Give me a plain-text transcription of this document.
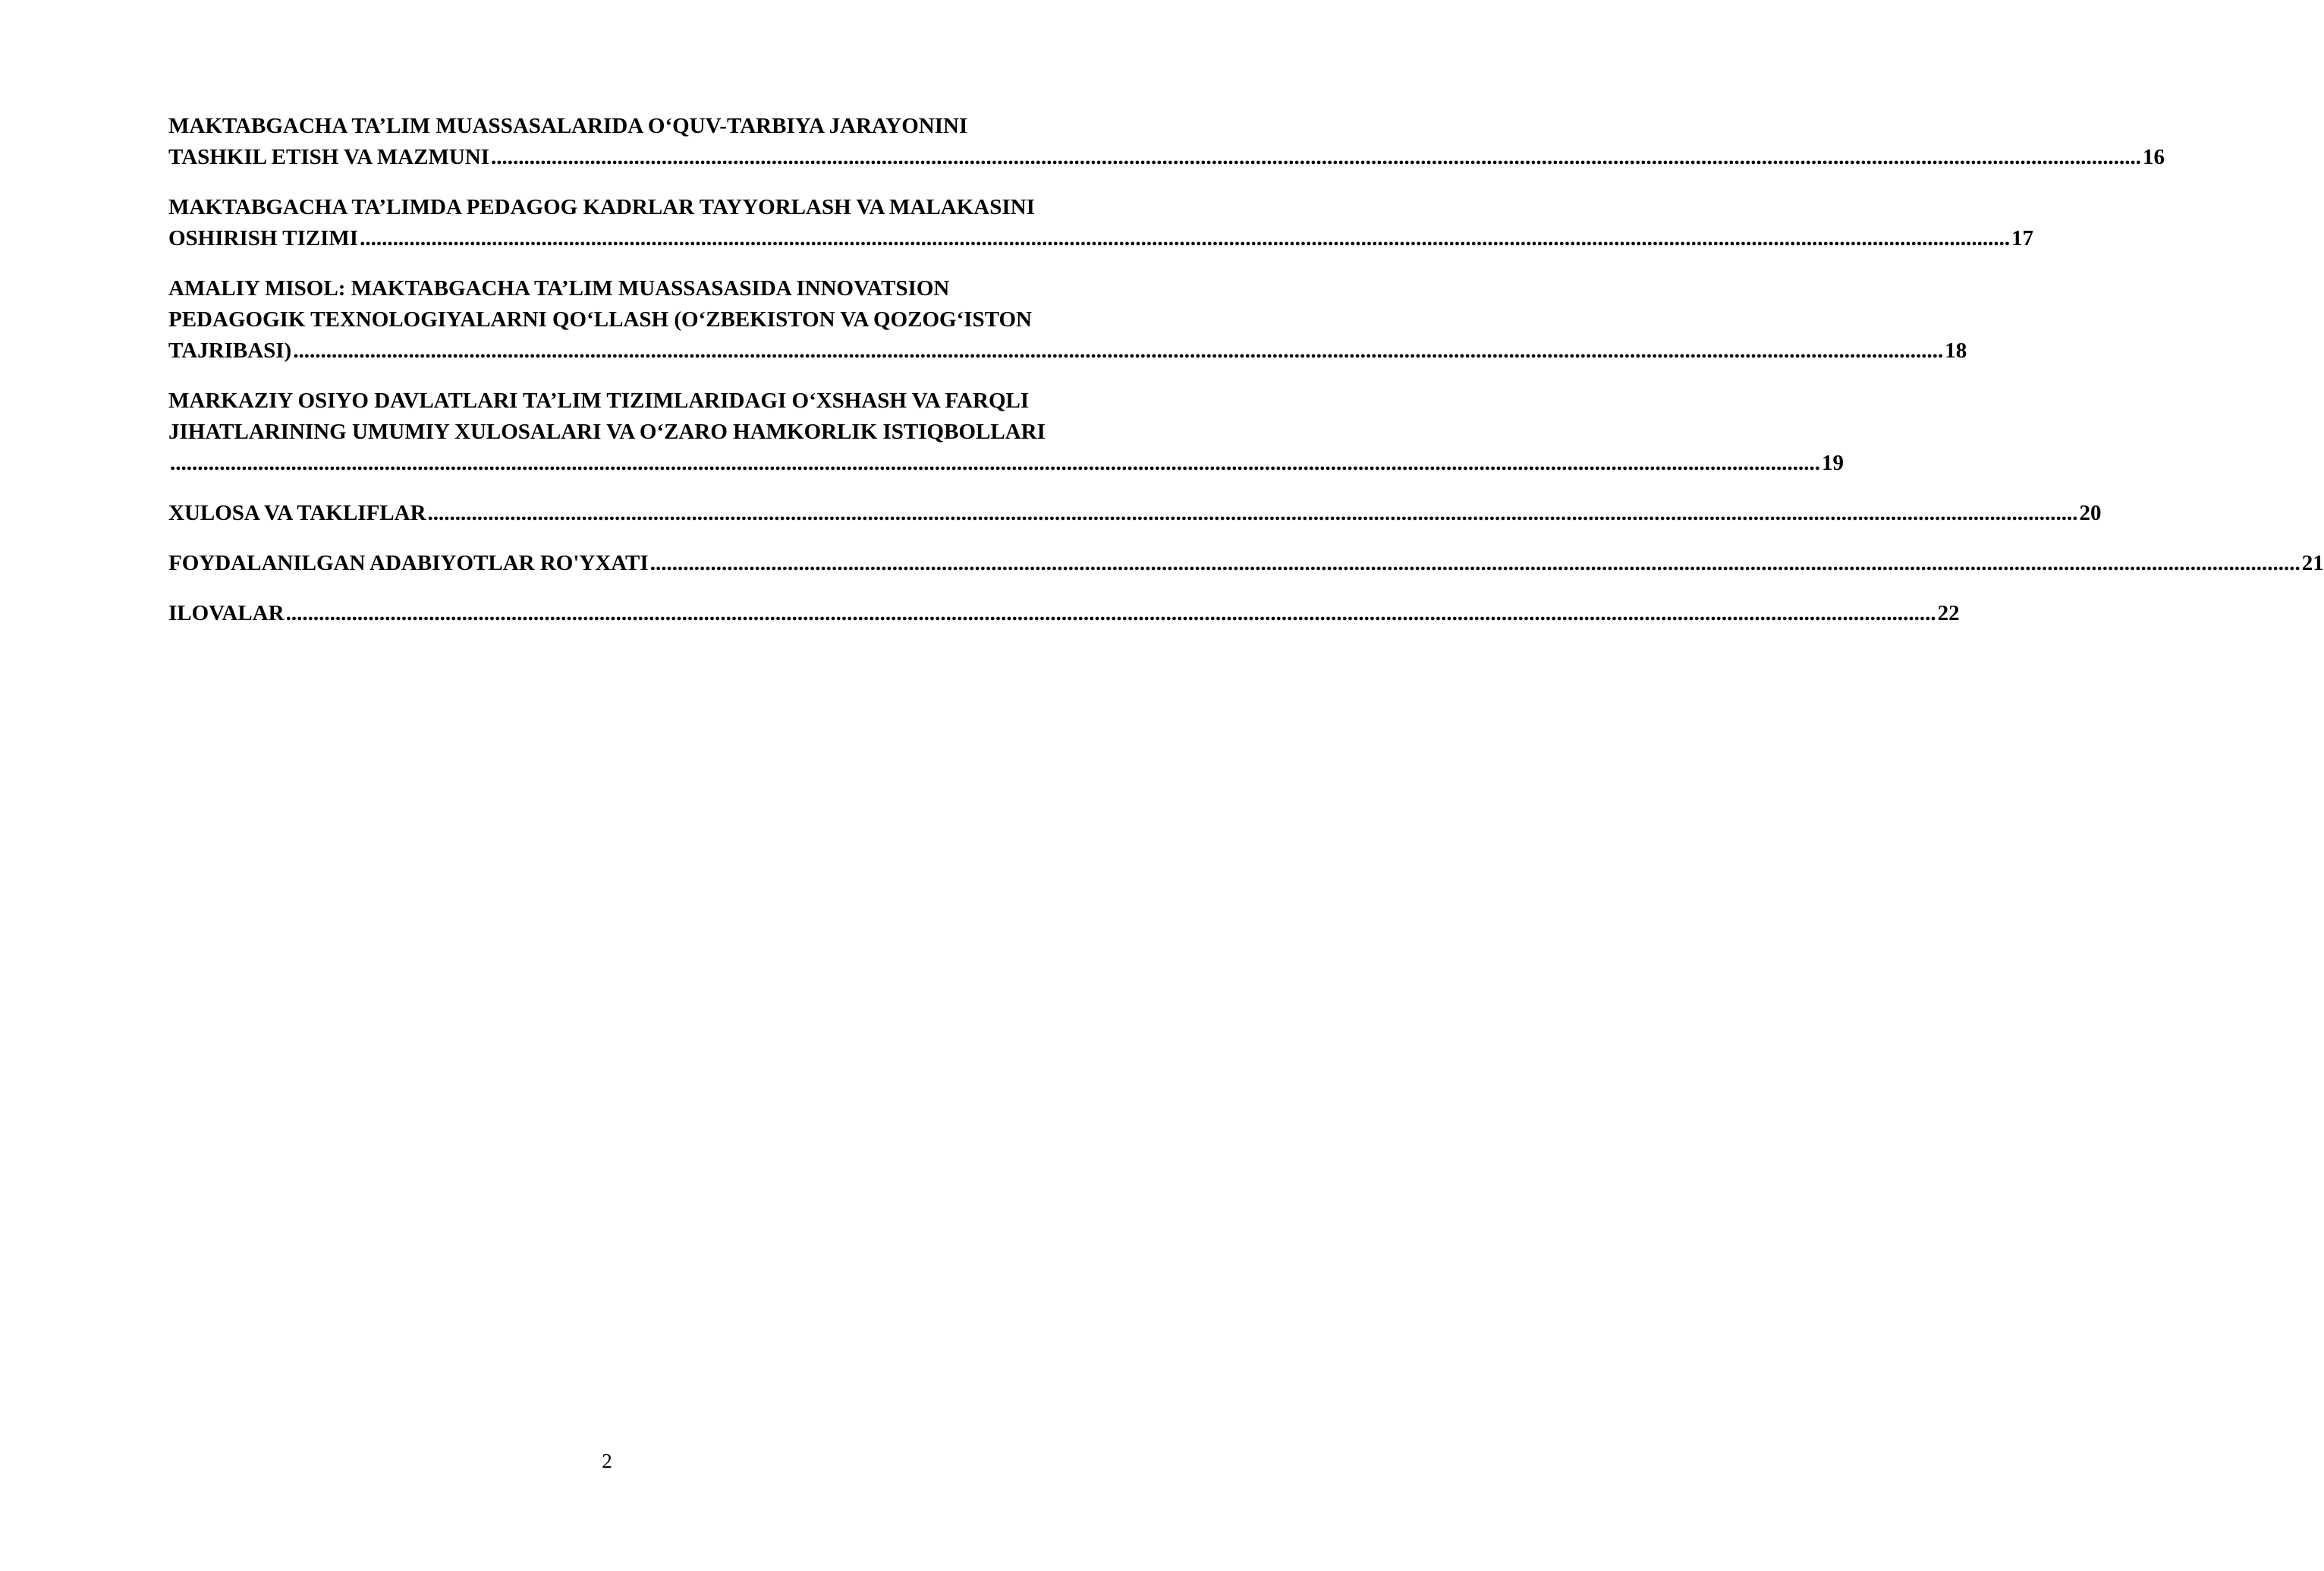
MAKTABGACHA TA’LIM MUASSASALARIDA O‘QUV-TARBIYA JARAYONINI
TASHKIL ETISH VA MAZMUNI ............................................................................................................................................................................................................................................................................................................ 16
MAKTABGACHA TA’LIMDA PEDAGOG KADRLAR TAYYORLASH VA MALAKASINI
OSHIRISH TIZIMI ............................................................................................................................................................................................................................................................................................................ 17
AMALIY MISOL: MAKTABGACHA TA’LIM MUASSASASIDA INNOVATSION
PEDAGOGIK TEXNOLOGIYALARNI QO‘LLASH (O‘ZBEKISTON VA QOZOG‘ISTON
TAJRIBASI) ............................................................................................................................................................................................................................................................................................................ 18
MARKAZIY OSIYO DAVLATLARI TA’LIM TIZIMLARIDAGI O‘XSHASH VA FARQLI
JIHATLARINING UMUMIY XULOSALARI VA O‘ZARO HAMKORLIK ISTIQBOLLARI
............................................................................................................................................................................................................................................................................................................ 19
XULOSA VA TAKLIFLAR ............................................................................................................................................................................................................................................................................................................ 20
FOYDALANILGAN ADABIYOTLAR RO'YXATI ............................................................................................................................................................................................................................................................................................................ 21
ILOVALAR ............................................................................................................................................................................................................................................................................................................ 22
2
